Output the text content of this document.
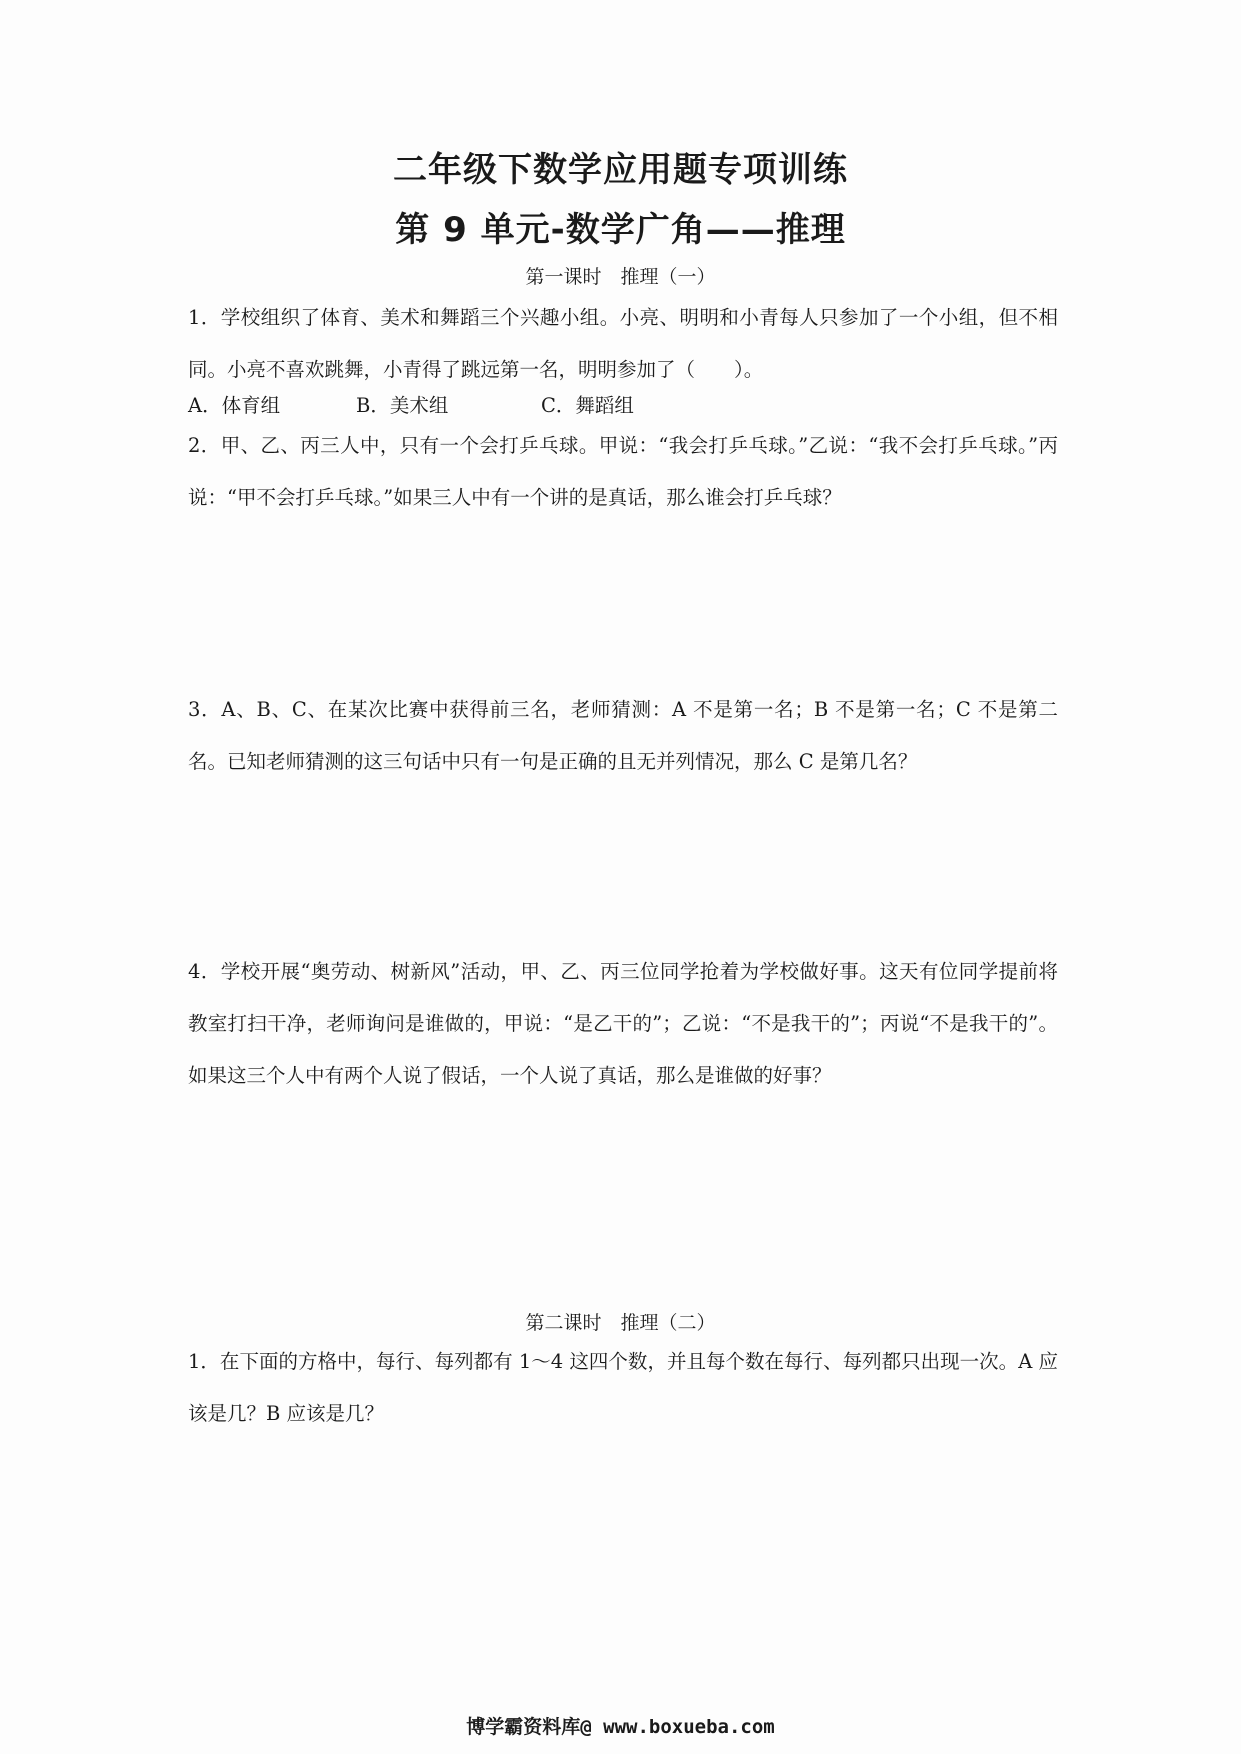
二年级下数学应用题专项训练
第 9 单元-数学广角——推理
第一课时　推理（一）
1．学校组织了体育、美术和舞蹈三个兴趣小组。小亮、明明和小青每人只参加了一个小组，但不相同。小亮不喜欢跳舞，小青得了跳远第一名，明明参加了（　　）。
A．体育组	B．美术组	C．舞蹈组
2．甲、乙、丙三人中，只有一个会打乒乓球。甲说：“我会打乒乓球。”乙说：“我不会打乒乓球。”丙说：“甲不会打乒乓球。”如果三人中有一个讲的是真话，那么谁会打乒乓球？
3．A、B、C、在某次比赛中获得前三名，老师猜测：A 不是第一名；B 不是第一名；C 不是第二名。已知老师猜测的这三句话中只有一句是正确的且无并列情况，那么 C 是第几名？
4．学校开展“奥劳动、树新风”活动，甲、乙、丙三位同学抢着为学校做好事。这天有位同学提前将教室打扫干净，老师询问是谁做的，甲说：“是乙干的”；乙说：“不是我干的”；丙说“不是我干的”。如果这三个人中有两个人说了假话，一个人说了真话，那么是谁做的好事？
第二课时　推理（二）
1．在下面的方格中，每行、每列都有 1～4 这四个数，并且每个数在每行、每列都只出现一次。A 应该是几？B 应该是几？
博学霸资料库@ www.boxueba.com
